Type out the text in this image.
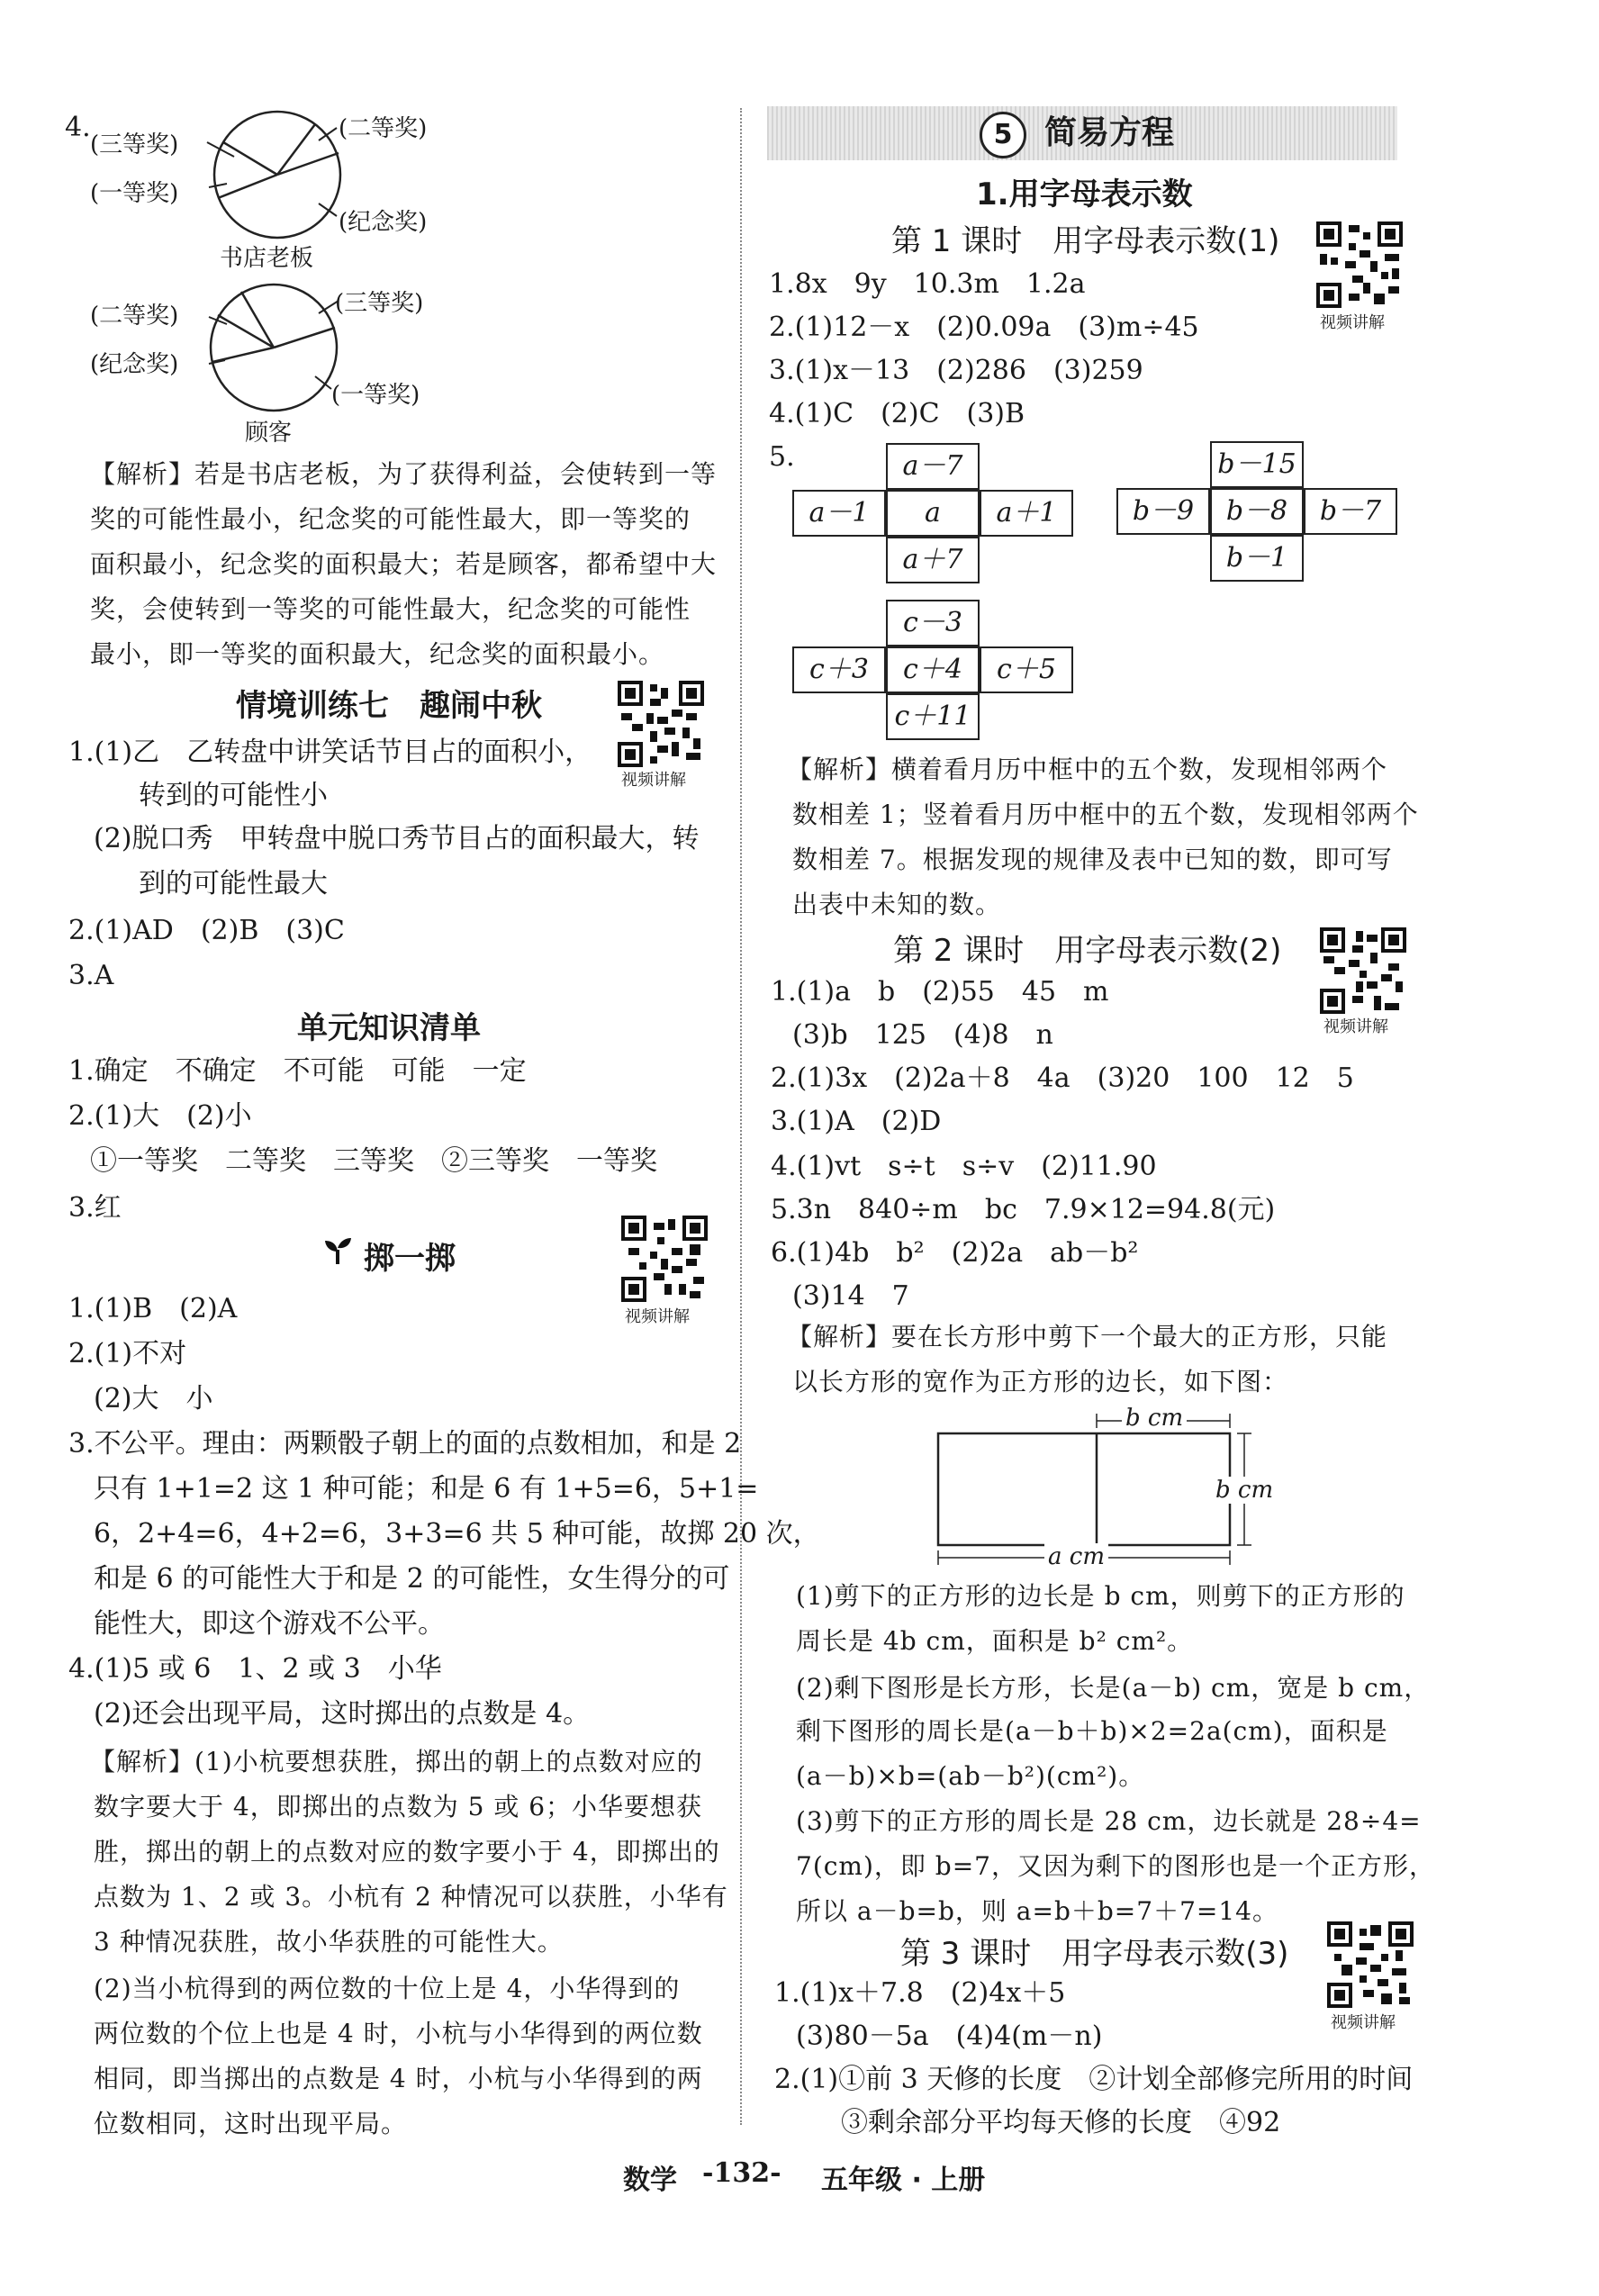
4.
(三等奖)
(一等奖)
(二等奖)
(纪念奖)
书店老板
(二等奖)
(纪念奖)
(三等奖)
(一等奖)
顾客
【解析】若是书店老板，为了获得利益，会使转到一等
奖的可能性最小，纪念奖的可能性最大，即一等奖的
面积最小，纪念奖的面积最大；若是顾客，都希望中大
奖，会使转到一等奖的可能性最大，纪念奖的可能性
最小，即一等奖的面积最大，纪念奖的面积最小。
情境训练七　趣闹中秋
视频讲解
1.(1)乙　乙转盘中讲笑话节目占的面积小，
转到的可能性小
(2)脱口秀　甲转盘中脱口秀节目占的面积最大，转
到的可能性最大
2.(1)AD　(2)B　(3)C
3.A
单元知识清单
1.确定　不确定　不可能　可能　一定
2.(1)大　(2)小
①一等奖　二等奖　三等奖　②三等奖　一等奖
3.红
掷一掷
视频讲解
1.(1)B　(2)A
2.(1)不对
(2)大　小
3.不公平。理由：两颗骰子朝上的面的点数相加，和是 2
只有 1+1=2 这 1 种可能；和是 6 有 1+5=6，5+1=
6，2+4=6，4+2=6，3+3=6 共 5 种可能，故掷 20 次，
和是 6 的可能性大于和是 2 的可能性，女生得分的可
能性大，即这个游戏不公平。
4.(1)5 或 6　1、2 或 3　小华
(2)还会出现平局，这时掷出的点数是 4。
【解析】(1)小杭要想获胜，掷出的朝上的点数对应的
数字要大于 4，即掷出的点数为 5 或 6；小华要想获
胜，掷出的朝上的点数对应的数字要小于 4，即掷出的
点数为 1、2 或 3。小杭有 2 种情况可以获胜，小华有
3 种情况获胜，故小华获胜的可能性大。
(2)当小杭得到的两位数的十位上是 4，小华得到的
两位数的个位上也是 4 时，小杭与小华得到的两位数
相同，即当掷出的点数是 4 时，小杭与小华得到的两
位数相同，这时出现平局。
5 简易方程
1.用字母表示数
第 1 课时　用字母表示数(1)
视频讲解
1.8x　9y　10.3m　1.2a
2.(1)12－x　(2)0.09a　(3)m÷45
3.(1)x－13　(2)286　(3)259
4.(1)C　(2)C　(3)B
5.	a－7
a－1	a	a＋1
a＋7
b－15
b－9	b－8	b－7
b－1
c－3
c＋3	c＋4	c＋5
c＋11
【解析】横着看月历中框中的五个数，发现相邻两个
数相差 1；竖着看月历中框中的五个数，发现相邻两个
数相差 7。根据发现的规律及表中已知的数，即可写
出表中未知的数。
第 2 课时　用字母表示数(2)
视频讲解
1.(1)a　b　(2)55　45　m
(3)b　125　(4)8　n
2.(1)3x　(2)2a＋8　4a　(3)20　100　12　5
3.(1)A　(2)D
4.(1)vt　s÷t　s÷v　(2)11.90
5.3n　840÷m　bc　7.9×12=94.8(元)
6.(1)4b　b²　(2)2a　ab－b²
(3)14　7
【解析】要在长方形中剪下一个最大的正方形，只能
以长方形的宽作为正方形的边长，如下图：
b cm
b cm
a cm
(1)剪下的正方形的边长是 b cm，则剪下的正方形的
周长是 4b cm，面积是 b² cm²。
(2)剩下图形是长方形，长是(a－b) cm，宽是 b cm，
剩下图形的周长是(a－b＋b)×2=2a(cm)，面积是
(a－b)×b=(ab－b²)(cm²)。
(3)剪下的正方形的周长是 28 cm，边长就是 28÷4=
7(cm)，即 b=7，又因为剩下的图形也是一个正方形，
所以 a－b=b，则 a=b＋b=7＋7=14。
第 3 课时　用字母表示数(3)
视频讲解
1.(1)x＋7.8　(2)4x＋5
(3)80－5a　(4)4(m－n)
2.(1)①前 3 天修的长度　②计划全部修完所用的时间
③剩余部分平均每天修的长度　④92
数学 -132- 五年级 · 上册
